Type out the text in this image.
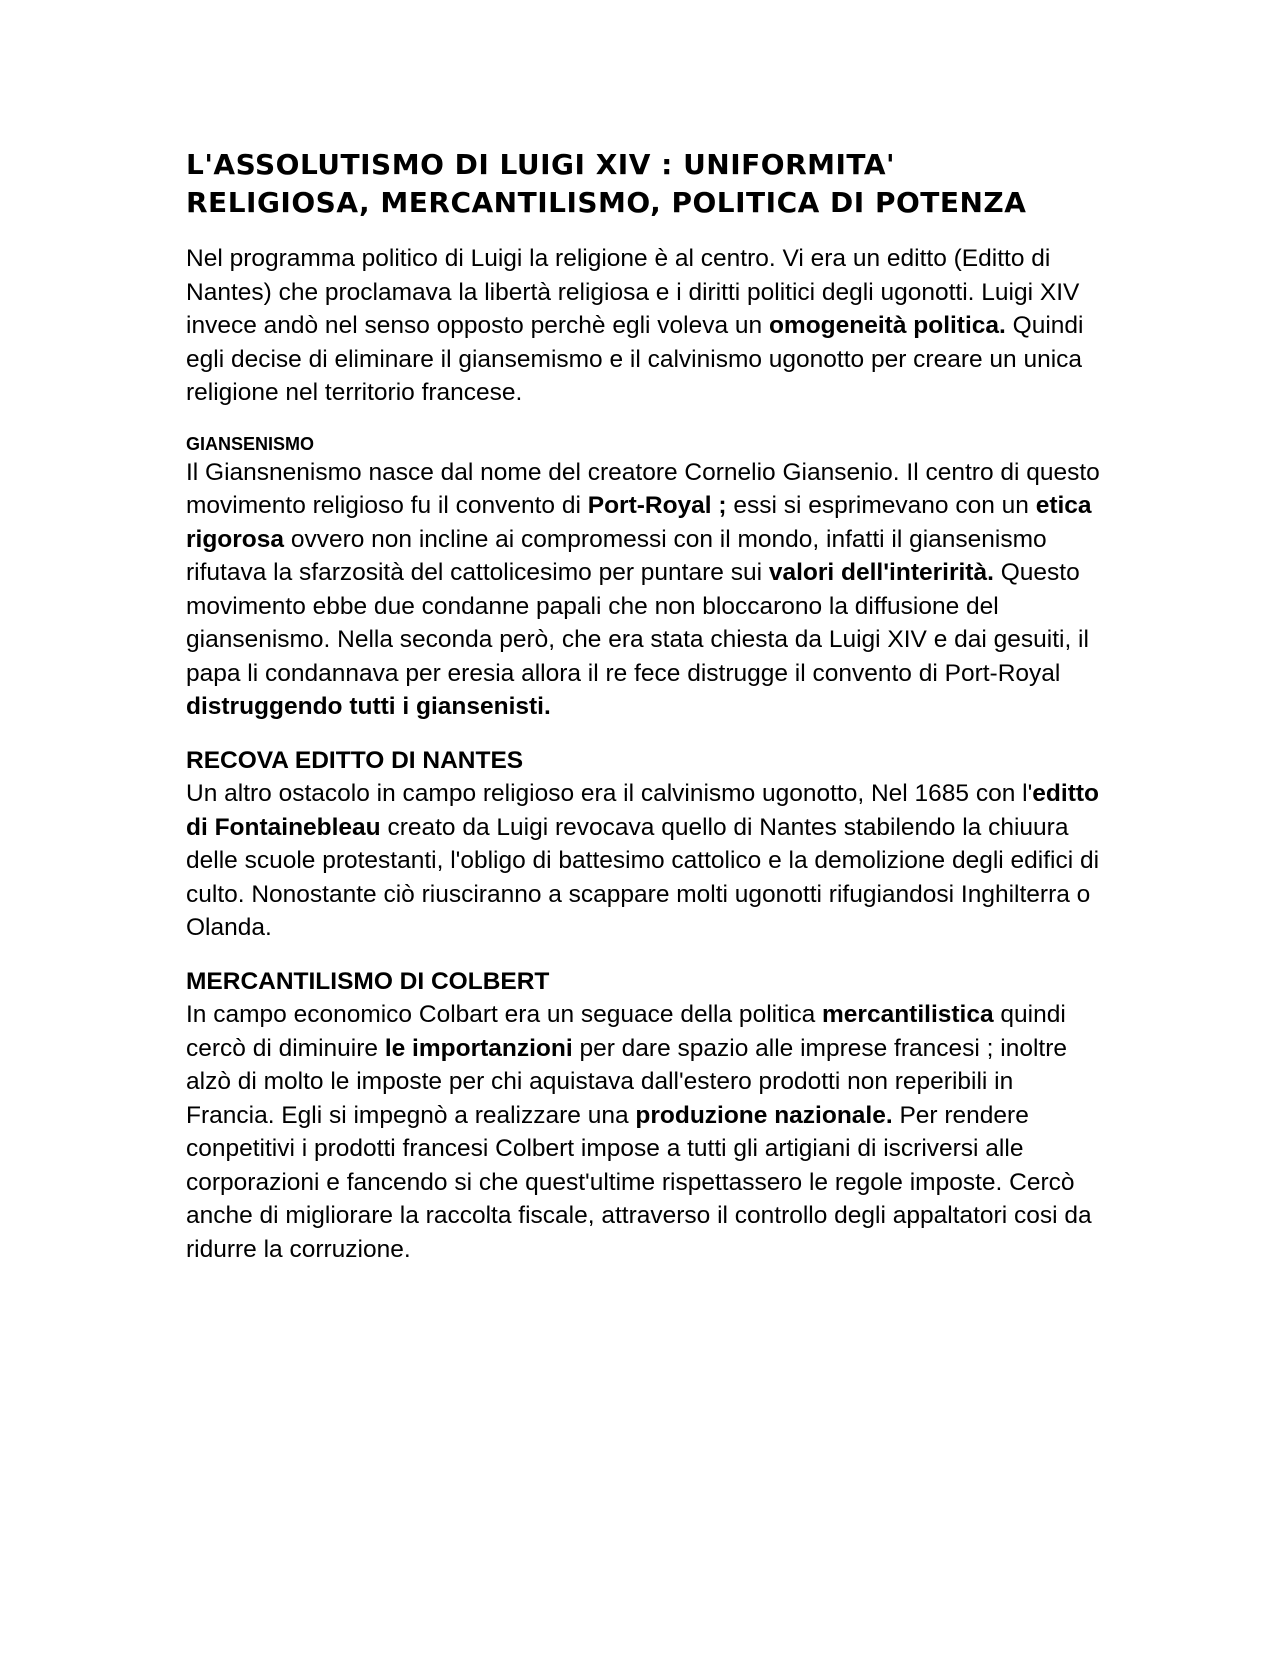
L'ASSOLUTISMO DI LUIGI XIV : UNIFORMITA'
RELIGIOSA, MERCANTILISMO, POLITICA DI POTENZA

Nel programma politico di Luigi la religione è al centro. Vi era un editto (Editto di Nantes) che proclamava la libertà religiosa e i diritti politici degli ugonotti. Luigi XIV invece andò nel senso opposto perchè egli voleva un omogeneità politica. Quindi egli decise di eliminare il giansemismo e il calvinismo ugonotto per creare un unica religione nel territorio francese.

GIANSENISMO

Il Giansnenismo nasce dal nome del creatore Cornelio Giansenio. Il centro di questo movimento religioso fu il convento di Port-Royal ; essi si esprimevano con un etica rigorosa ovvero non incline ai compromessi con il mondo, infatti il giansenismo rifutava la sfarzosità del cattolicesimo per puntare sui valori dell'interirità. Questo movimento ebbe due condanne papali che non bloccarono la diffusione del giansenismo. Nella seconda però, che era stata chiesta da Luigi XIV e dai gesuiti, il papa li condannava per eresia allora il re fece distrugge il convento di Port-Royal distruggendo tutti i giansenisti.

RECOVA EDITTO DI NANTES

Un altro ostacolo in campo religioso era il calvinismo ugonotto, Nel 1685 con l'editto di Fontainebleau creato da Luigi revocava quello di Nantes stabilendo la chiuura delle scuole protestanti, l'obligo di battesimo cattolico e la demolizione degli edifici di culto. Nonostante ciò riusciranno a scappare molti ugonotti rifugiandosi Inghilterra o Olanda.

MERCANTILISMO DI COLBERT

In campo economico Colbart era un seguace della politica mercantilistica quindi cercò di diminuire le importanzioni per dare spazio alle imprese francesi ; inoltre alzò di molto le imposte per chi aquistava dall'estero prodotti non reperibili in Francia. Egli si impegnò a realizzare una produzione nazionale. Per rendere conpetitivi i prodotti francesi Colbert impose a tutti gli artigiani di iscriversi alle corporazioni e fancendo si che quest'ultime rispettassero le regole imposte. Cercò anche di migliorare la raccolta fiscale, attraverso il controllo degli appaltatori cosi da ridurre la corruzione.
